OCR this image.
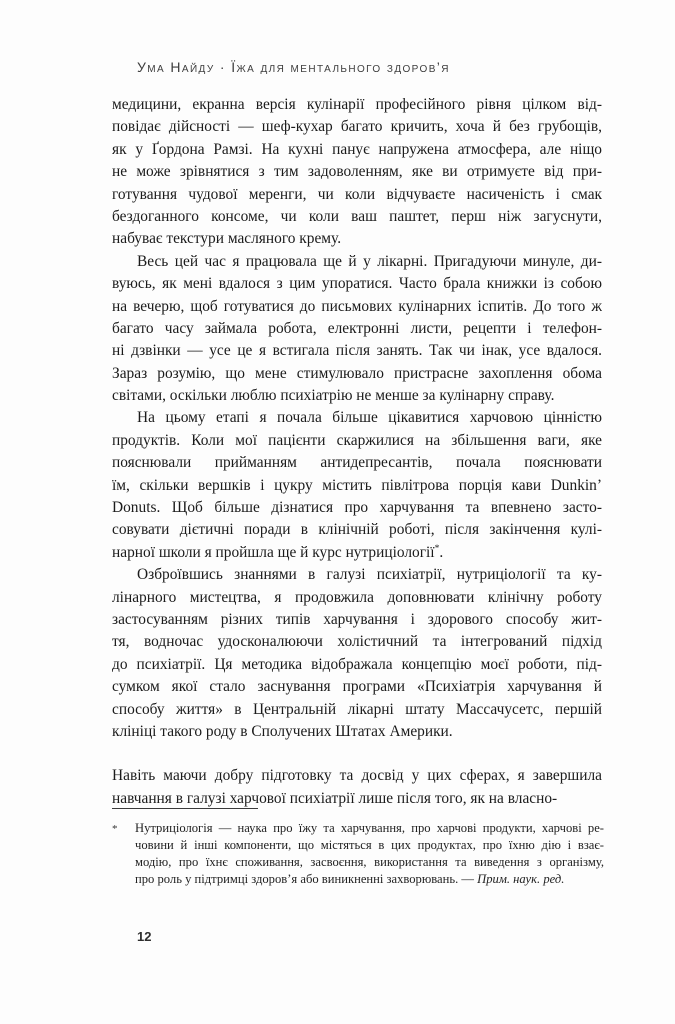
Ума Найду · Їжа для ментального здоров’я
медицини, екранна версія кулінарії професійного рівня цілком від-
повідає дійсності — шеф-кухар багато кричить, хоча й без грубощів,
як у Ґордона Рамзі. На кухні панує напружена атмосфера, але ніщо
не може зрівнятися з тим задоволенням, яке ви отримуєте від при-
готування чудової меренги, чи коли відчуваєте насиченість і смак
бездоганного консоме, чи коли ваш паштет, перш ніж загуснути,
набуває текстури масляного крему.
Весь цей час я працювала ще й у лікарні. Пригадуючи минуле, ди-
вуюсь, як мені вдалося з цим упоратися. Часто брала книжки із собою
на вечерю, щоб готуватися до письмових кулінарних іспитів. До того ж
багато часу займала робота, електронні листи, рецепти і телефон-
ні дзвінки — усе це я встигала після занять. Так чи інак, усе вдалося.
Зараз розумію, що мене стимулювало пристрасне захоплення обома
світами, оскільки люблю психіатрію не менше за кулінарну справу.
На цьому етапі я почала більше цікавитися харчовою цінністю
продуктів. Коли мої пацієнти скаржилися на збільшення ваги, яке
пояснювали прийманням антидепресантів, почала пояснювати
їм, скільки вершків і цукру містить півлітрова порція кави Dunkin’
Donuts. Щоб більше дізнатися про харчування та впевнено засто-
совувати дієтичні поради в клінічній роботі, після закінчення кулі-
нарної школи я пройшла ще й курс нутриціології*.
Озброївшись знаннями в галузі психіатрії, нутриціології та ку-
лінарного мистецтва, я продовжила доповнювати клінічну роботу
застосуванням різних типів харчування і здорового способу жит-
тя, водночас удосконалюючи холістичний та інтегрований підхід
до психіатрії. Ця методика відображала концепцію моєї роботи, під-
сумком якої стало заснування програми «Психіатрія харчування й
способу життя» в Центральній лікарні штату Массачусетс, першій
клініці такого роду в Сполучених Штатах Америки.
Навіть маючи добру підготовку та досвід у цих сферах, я завершила
навчання в галузі харчової психіатрії лише після того, як на власно-
*	Нутриціологія — наука про їжу та харчування, про харчові продукти, харчові ре-
човини й інші компоненти, що містяться в цих продуктах, про їхню дію і взає-
модію, про їхнє споживання, засвоєння, використання та виведення з організму,
про роль у підтримці здоров’я або виникненні захворювань. — Прим. наук. ред.
12
